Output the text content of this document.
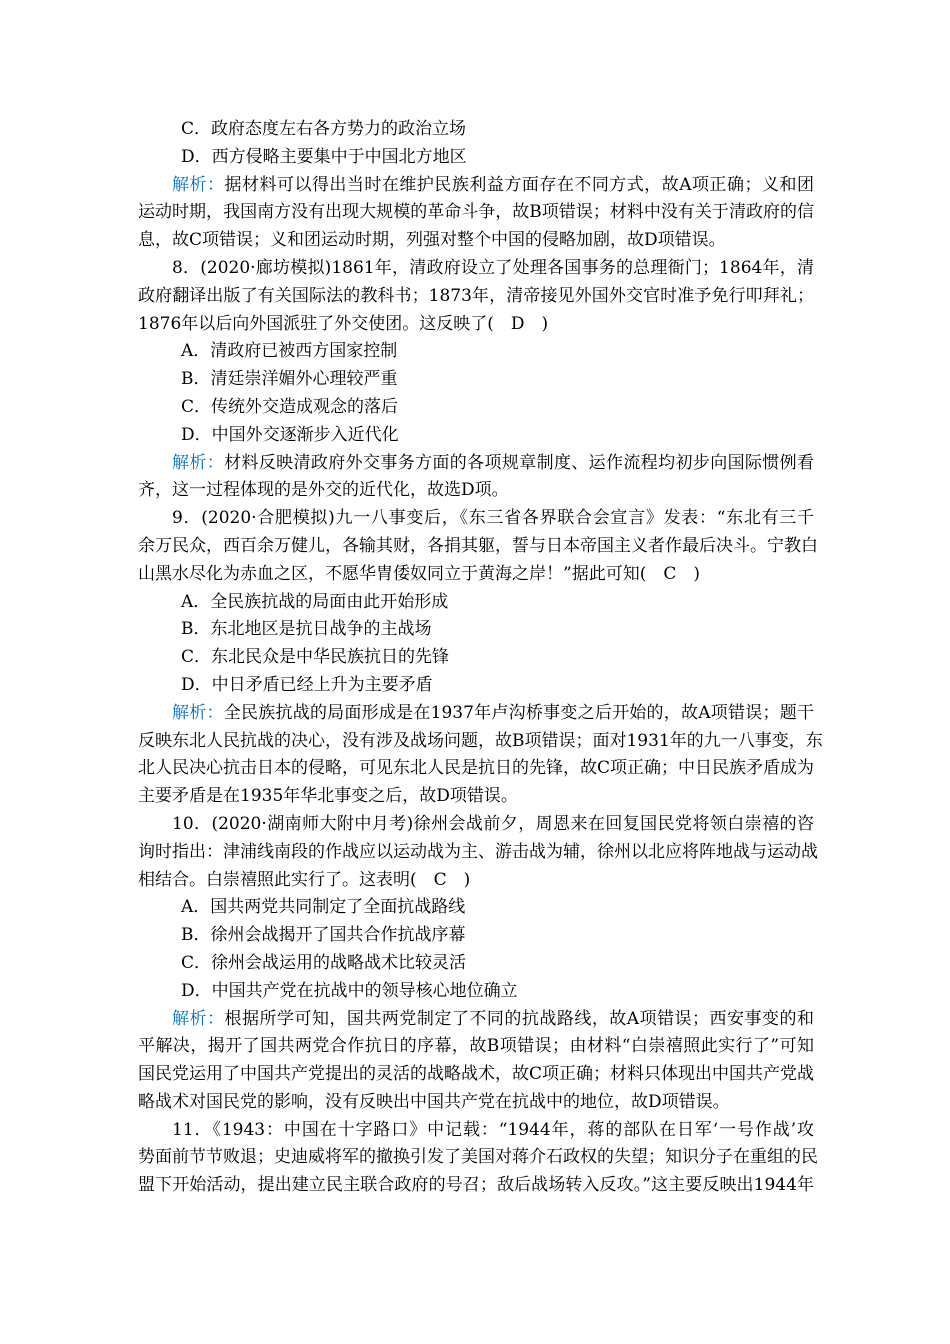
C．政府态度左右各方势力的政治立场
D．西方侵略主要集中于中国北方地区
解析：据材料可以得出当时在维护民族利益方面存在不同方式，故A项正确；义和团
运动时期，我国南方没有出现大规模的革命斗争，故B项错误；材料中没有关于清政府的信
息，故C项错误；义和团运动时期，列强对整个中国的侵略加剧，故D项错误。
8．(2020·廊坊模拟)1861年，清政府设立了处理各国事务的总理衙门；1864年，清
政府翻译出版了有关国际法的教科书；1873年，清帝接见外国外交官时准予免行叩拜礼；
1876年以后向外国派驻了外交使团。这反映了(　D　)
A．清政府已被西方国家控制
B．清廷崇洋媚外心理较严重
C．传统外交造成观念的落后
D．中国外交逐渐步入近代化
解析：材料反映清政府外交事务方面的各项规章制度、运作流程均初步向国际惯例看
齐，这一过程体现的是外交的近代化，故选D项。
9．(2020·合肥模拟)九一八事变后，《东三省各界联合会宣言》发表：“东北有三千
余万民众，西百余万健儿，各输其财，各捐其躯，誓与日本帝国主义者作最后决斗。宁教白
山黑水尽化为赤血之区，不愿华胄倭奴同立于黄海之岸！”据此可知(　C　)
A．全民族抗战的局面由此开始形成
B．东北地区是抗日战争的主战场
C．东北民众是中华民族抗日的先锋
D．中日矛盾已经上升为主要矛盾
解析：全民族抗战的局面形成是在1937年卢沟桥事变之后开始的，故A项错误；题干
反映东北人民抗战的决心，没有涉及战场问题，故B项错误；面对1931年的九一八事变，东
北人民决心抗击日本的侵略，可见东北人民是抗日的先锋，故C项正确；中日民族矛盾成为
主要矛盾是在1935年华北事变之后，故D项错误。
10．(2020·湖南师大附中月考)徐州会战前夕，周恩来在回复国民党将领白崇禧的咨
询时指出：津浦线南段的作战应以运动战为主、游击战为辅，徐州以北应将阵地战与运动战
相结合。白崇禧照此实行了。这表明(　C　)
A．国共两党共同制定了全面抗战路线
B．徐州会战揭开了国共合作抗战序幕
C．徐州会战运用的战略战术比较灵活
D．中国共产党在抗战中的领导核心地位确立
解析：根据所学可知，国共两党制定了不同的抗战路线，故A项错误；西安事变的和
平解决，揭开了国共两党合作抗日的序幕，故B项错误；由材料“白崇禧照此实行了”可知
国民党运用了中国共产党提出的灵活的战略战术，故C项正确；材料只体现出中国共产党战
略战术对国民党的影响，没有反映出中国共产党在抗战中的地位，故D项错误。
11．《1943：中国在十字路口》中记载：“1944年，蒋的部队在日军‘一号作战’攻
势面前节节败退；史迪威将军的撤换引发了美国对蒋介石政权的失望；知识分子在重组的民
盟下开始活动，提出建立民主联合政府的号召；敌后战场转入反攻。”这主要反映出1944年
